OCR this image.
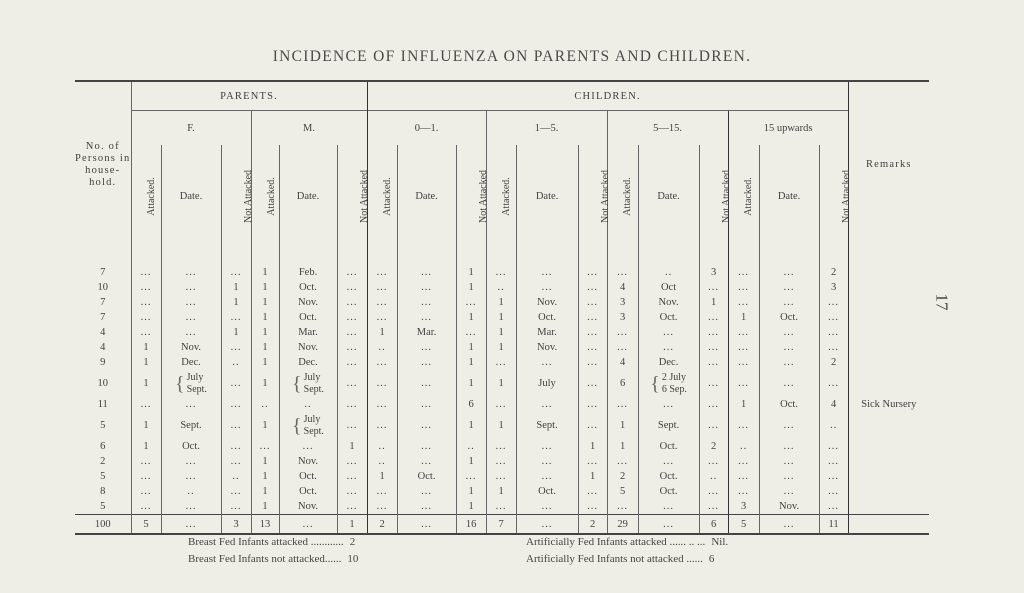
INCIDENCE OF INFLUENZA ON PARENTS AND CHILDREN.
17
No. of Persons in house-hold.	PARENTS.						CHILDREN.												Remarks
	F.			M.			0—1.			1—5.			5—15.			15 upwards			
	Attacked.	Date.	Not Attacked	Attacked.	Date.	Not Attacked	Attacked.	Date.	Not Attacked	Attacked.	Date.	Not Attacked	Attacked.	Date.	Not Attacked	Attacked.	Date.	Not Attacked	
7	...	...	...	1	Feb.	...	...	...	1	...	...	...	...	..	3	...	...	2	
10	...	...	1	1	Oct.	...	...	...	1	..	...	...	4	Oct	...	...	...	3	
7	...	...	1	1	Nov.	...	...	...	...	1	Nov.	...	3	Nov.	1	...	...	...	
7	...	...	...	1	Oct.	...	...	...	1	1	Oct.	...	3	Oct.	...	1	Oct.	...	
4	...	...	1	1	Mar.	...	1	Mar.	...	1	Mar.	...	...	...	...	...	...	...	
4	1	Nov.	...	1	Nov.	...	..	...	1	1	Nov.	...	...	...	...	...	...	...	
9	1	Dec.	..	1	Dec.	...	...	...	1	...	...	...	4	Dec.	...	...	...	2	
10	1	{ July
Sept.	...	1	{ July
Sept.	...	...	...	1	1	July	...	6	{ 2 July
6 Sep.	...	...	...	...	
11	...	...	...	..	..	...	...	...	6	...	...	...	...	...	...	1	Oct.	4	Sick Nursery
5	1	Sept.	...	1	{ July
Sept.	...	...	...	1	1	Sept.	...	1	Sept.	...	...	...	..	
6	1	Oct.	...	...	...	1	..	...	..	...	...	1	1	Oct.	2	..	...	...	
2	...	...	...	1	Nov.	...	..	...	1	...	...	...	...	...	...	...	...	...	
5	...	...	..	1	Oct.	...	1	Oct.	...	...	...	1	2	Oct.	..	...	...	...	
8	...	..	...	1	Oct.	...	...	...	1	1	Oct.	...	5	Oct.	...	...	...	...	
5	...	...	...	1	Nov.	...	...	...	1	...	...	...	...	...	...	3	Nov.	...	
100	5	...	3	13	...	1	2	...	16	7	...	2	29	...	6	5	...	11	
Breast Fed Infants attacked ............ 2	Artificially Fed Infants attacked ...... .. ... Nil.
Breast Fed Infants not attacked...... 10	Artificially Fed Infants not attacked ...... 6
